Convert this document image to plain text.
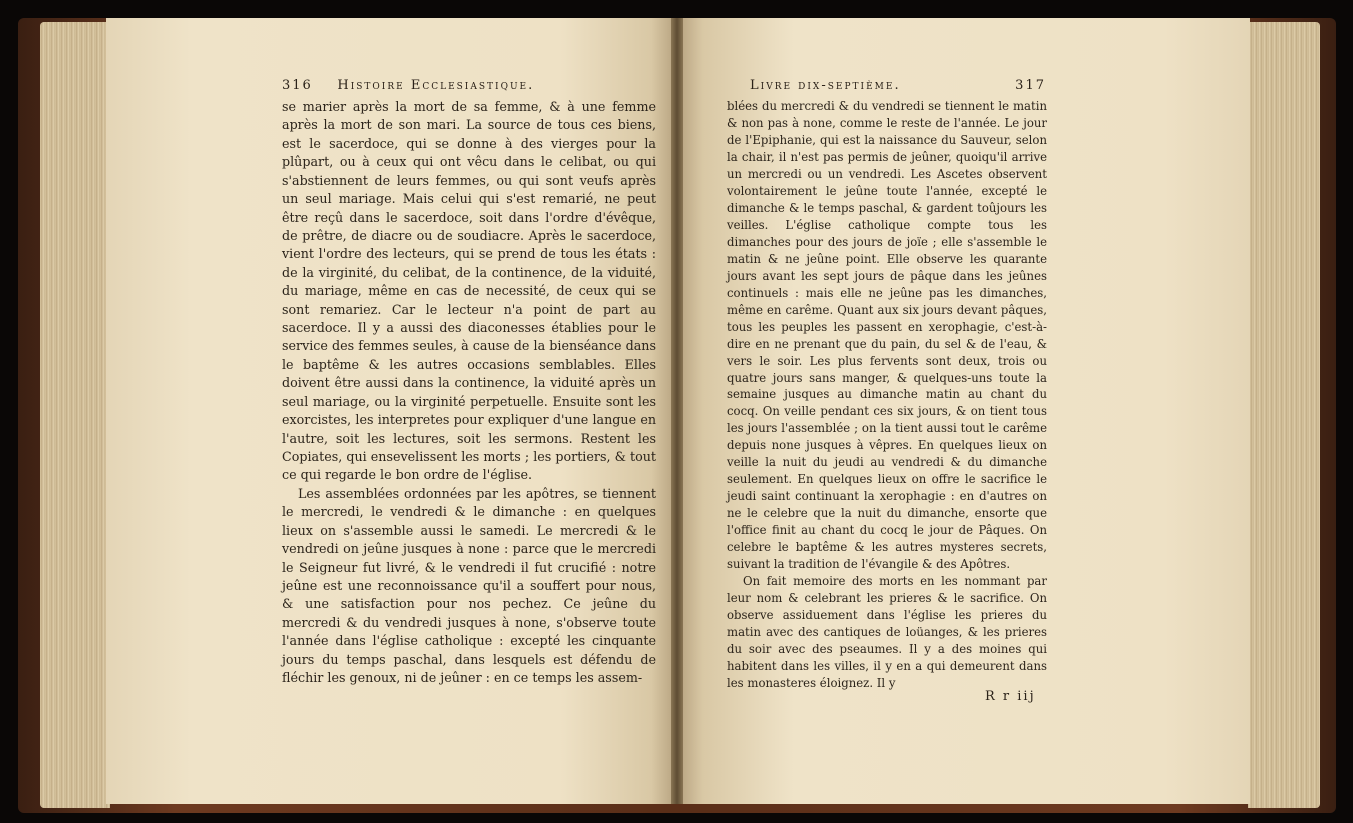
316 Histoire Ecclesiastique.

se marier après la mort de sa femme, & à une femme après la mort de son mari. La source de tous ces biens, est le sacerdoce, qui se donne à des vierges pour la plûpart, ou à ceux qui ont vêcu dans le celibat, ou qui s'abstiennent de leurs femmes, ou qui sont veufs après un seul mariage. Mais celui qui s'est remarié, ne peut être reçû dans le sacerdoce, soit dans l'ordre d'évêque, de prêtre, de diacre ou de soudiacre. Après le sacerdoce, vient l'ordre des lecteurs, qui se prend de tous les états : de la virginité, du celibat, de la continence, de la viduité, du mariage, même en cas de necessité, de ceux qui se sont remariez. Car le lecteur n'a point de part au sacerdoce. Il y a aussi des diaconesses établies pour le service des femmes seules, à cause de la bienséance dans le baptême & les autres occasions semblables. Elles doivent être aussi dans la continence, la viduité après un seul mariage, ou la virginité perpetuelle. Ensuite sont les exorcistes, les interpretes pour expliquer d'une langue en l'autre, soit les lectures, soit les sermons. Restent les Copiates, qui ensevelissent les morts ; les portiers, & tout ce qui regarde le bon ordre de l'église.

Les assemblées ordonnées par les apôtres, se tiennent le mercredi, le vendredi & le dimanche : en quelques lieux on s'assemble aussi le samedi. Le mercredi & le vendredi on jeûne jusques à none : parce que le mercredi le Seigneur fut livré, & le vendredi il fut crucifié : notre jeûne est une reconnoissance qu'il a souffert pour nous, & une satisfaction pour nos pechez. Ce jeûne du mercredi & du vendredi jusques à none, s'observe toute l'année dans l'église catholique : excepté les cinquante jours du temps paschal, dans lesquels est défendu de fléchir les genoux, ni de jeûner : en ce temps les assem-

Livre dix-septième.	317

blées du mercredi & du vendredi se tiennent le matin & non pas à none, comme le reste de l'année. Le jour de l'Epiphanie, qui est la naissance du Sauveur, selon la chair, il n'est pas permis de jeûner, quoiqu'il arrive un mercredi ou un vendredi. Les Ascetes observent volontairement le jeûne toute l'année, excepté le dimanche & le temps paschal, & gardent toûjours les veilles. L'église catholique compte tous les dimanches pour des jours de joïe ; elle s'assemble le matin & ne jeûne point. Elle observe les quarante jours avant les sept jours de pâque dans les jeûnes continuels : mais elle ne jeûne pas les dimanches, même en carême. Quant aux six jours devant pâques, tous les peuples les passent en xerophagie, c'est-à-dire en ne prenant que du pain, du sel & de l'eau, & vers le soir. Les plus fervents sont deux, trois ou quatre jours sans manger, & quelques-uns toute la semaine jusques au dimanche matin au chant du cocq. On veille pendant ces six jours, & on tient tous les jours l'assemblée ; on la tient aussi tout le carême depuis none jusques à vêpres. En quelques lieux on veille la nuit du jeudi au vendredi & du dimanche seulement. En quelques lieux on offre le sacrifice le jeudi saint continuant la xerophagie : en d'autres on ne le celebre que la nuit du dimanche, ensorte que l'office finit au chant du cocq le jour de Pâques. On celebre le baptême & les autres mysteres secrets, suivant la tradition de l'évangile & des Apôtres.

On fait memoire des morts en les nommant par leur nom & celebrant les prieres & le sacrifice. On observe assiduement dans l'église les prieres du matin avec des cantiques de loüanges, & les prieres du soir avec des pseaumes. Il y a des moines qui habitent dans les villes, il y en a qui demeurent dans les monasteres éloignez. Il y

R r iij
